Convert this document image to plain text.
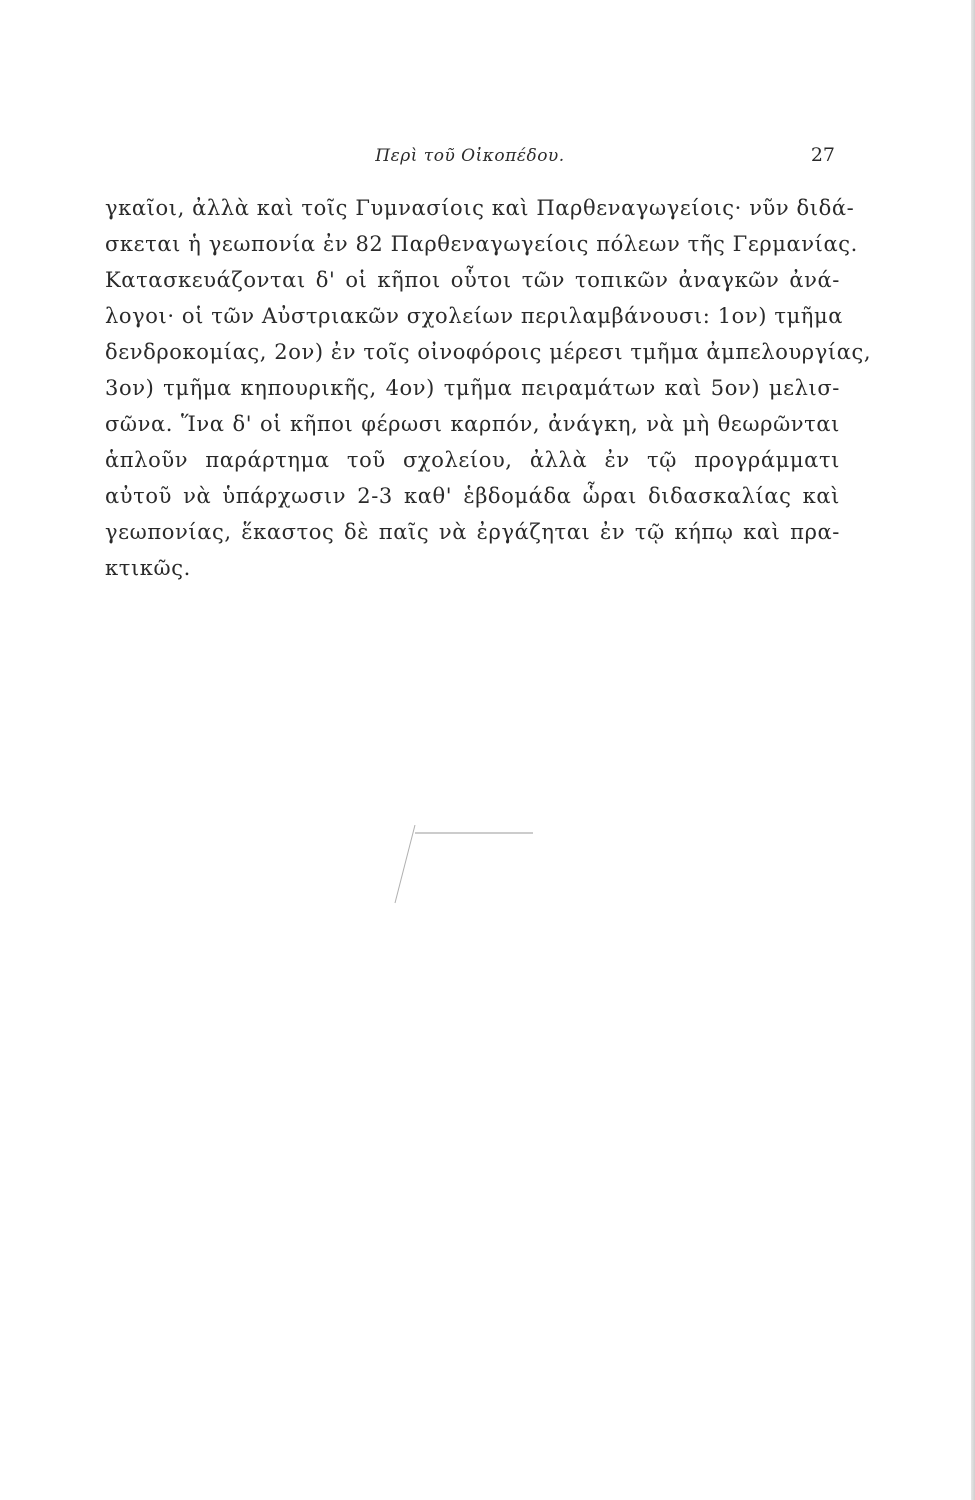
Περὶ τοῦ Οἰκοπέδου.	27
γκαῖοι, ἀλλὰ καὶ τοῖς Γυμνασίοις καὶ Παρθεναγωγείοις· νῦν διδά-
σκεται ἡ γεωπονία ἐν 82 Παρθεναγωγείοις πόλεων τῆς Γερμανίας.
Κατασκευάζονται δ' οἱ κῆποι οὗτοι τῶν τοπικῶν ἀναγκῶν ἀνά-
λογοι· οἱ τῶν Αὐστριακῶν σχολείων περιλαμβάνουσι: 1ον) τμῆμα
δενδροκομίας, 2ον) ἐν τοῖς οἰνοφόροις μέρεσι τμῆμα ἀμπελουργίας,
3ον) τμῆμα κηπουρικῆς, 4ον) τμῆμα πειραμάτων καὶ 5ον) μελισ-
σῶνα. Ἵνα δ' οἱ κῆποι φέρωσι καρπόν, ἀνάγκη, νὰ μὴ θεωρῶνται
ἁπλοῦν παράρτημα τοῦ σχολείου, ἀλλὰ ἐν τῷ προγράμματι
αὐτοῦ νὰ ὑπάρχωσιν 2-3 καθ' ἑβδομάδα ὧραι διδασκαλίας καὶ
γεωπονίας, ἕκαστος δὲ παῖς νὰ ἐργάζηται ἐν τῷ κήπῳ καὶ πρα-
κτικῶς.
